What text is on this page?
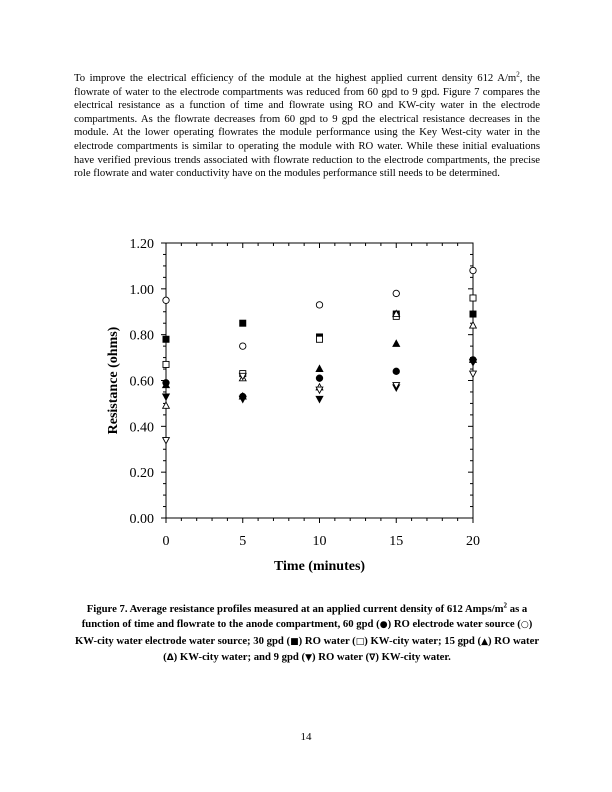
To improve the electrical efficiency of the module at the highest applied current density 612 $A/m^2$, the flowrate of water to the electrode compartments was reduced from 60 gpd to 9 gpd. Figure 7 compares the electrical resistance as a function of time and flowrate using RO and KW-city water in the electrode compartments. As the flowrate decreases from 60 gpd to 9 gpd the electrical resistance decreases in the module. At the lower operating flowrates the module performance using the Key West-city water in the electrode compartments is similar to operating the module with RO water. While these initial evaluations have verified previous trends associated with flowrate reduction to the electrode compartments, the precise role flowrate and water conductivity have on the modules performance still needs to be determined.

0.00
0.20
0.40
0.60
0.80
1.00
1.20
0	5	10	15	20
Time (minutes)
Resistance (ohms)

Figure 7. Average resistance profiles measured at an applied current density of 612 Amps/$m^2$ as a function of time and flowrate to the anode compartment, 60 gpd (●) RO electrode water source (○) KW-city water electrode water source; 30 gpd (■) RO water (□) KW-city water; 15 gpd (▲) RO water (Δ) KW-city water; and 9 gpd (▼) RO water (∇) KW-city water.

14
